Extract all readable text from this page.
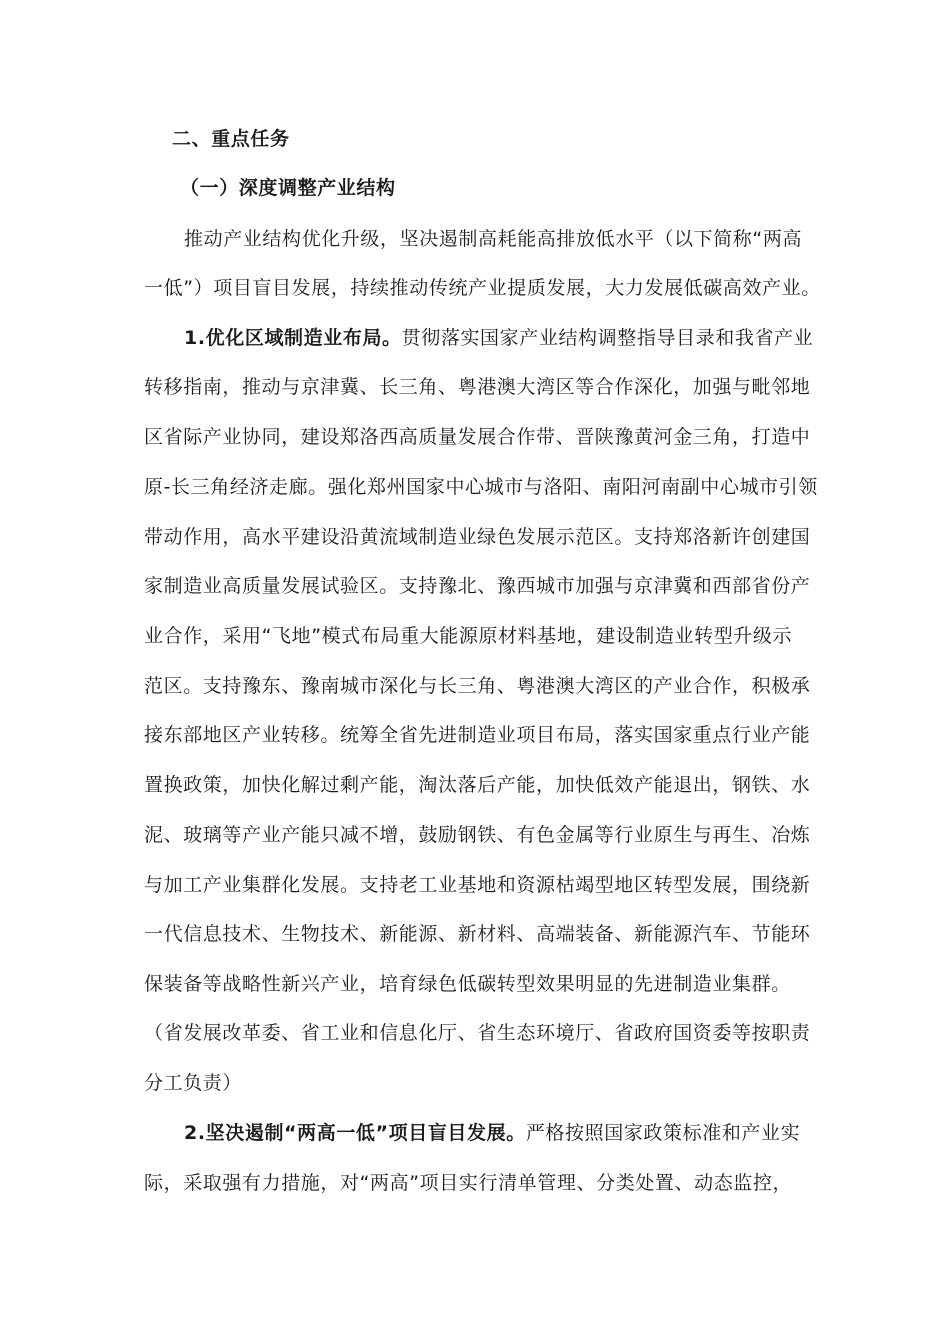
二、重点任务
（一）深度调整产业结构
推动产业结构优化升级，坚决遏制高耗能高排放低水平（以下简称“两高
一低”）项目盲目发展，持续推动传统产业提质发展，大力发展低碳高效产业。
1.优化区域制造业布局。贯彻落实国家产业结构调整指导目录和我省产业
转移指南，推动与京津冀、长三角、粤港澳大湾区等合作深化，加强与毗邻地
区省际产业协同，建设郑洛西高质量发展合作带、晋陕豫黄河金三角，打造中
原-长三角经济走廊。强化郑州国家中心城市与洛阳、南阳河南副中心城市引领
带动作用，高水平建设沿黄流域制造业绿色发展示范区。支持郑洛新许创建国
家制造业高质量发展试验区。支持豫北、豫西城市加强与京津冀和西部省份产
业合作，采用“飞地”模式布局重大能源原材料基地，建设制造业转型升级示
范区。支持豫东、豫南城市深化与长三角、粤港澳大湾区的产业合作，积极承
接东部地区产业转移。统筹全省先进制造业项目布局，落实国家重点行业产能
置换政策，加快化解过剩产能，淘汰落后产能，加快低效产能退出，钢铁、水
泥、玻璃等产业产能只减不增，鼓励钢铁、有色金属等行业原生与再生、冶炼
与加工产业集群化发展。支持老工业基地和资源枯竭型地区转型发展，围绕新
一代信息技术、生物技术、新能源、新材料、高端装备、新能源汽车、节能环
保装备等战略性新兴产业，培育绿色低碳转型效果明显的先进制造业集群。
（省发展改革委、省工业和信息化厅、省生态环境厅、省政府国资委等按职责
分工负责）
2.坚决遏制“两高一低”项目盲目发展。严格按照国家政策标准和产业实
际，采取强有力措施，对“两高”项目实行清单管理、分类处置、动态监控，
